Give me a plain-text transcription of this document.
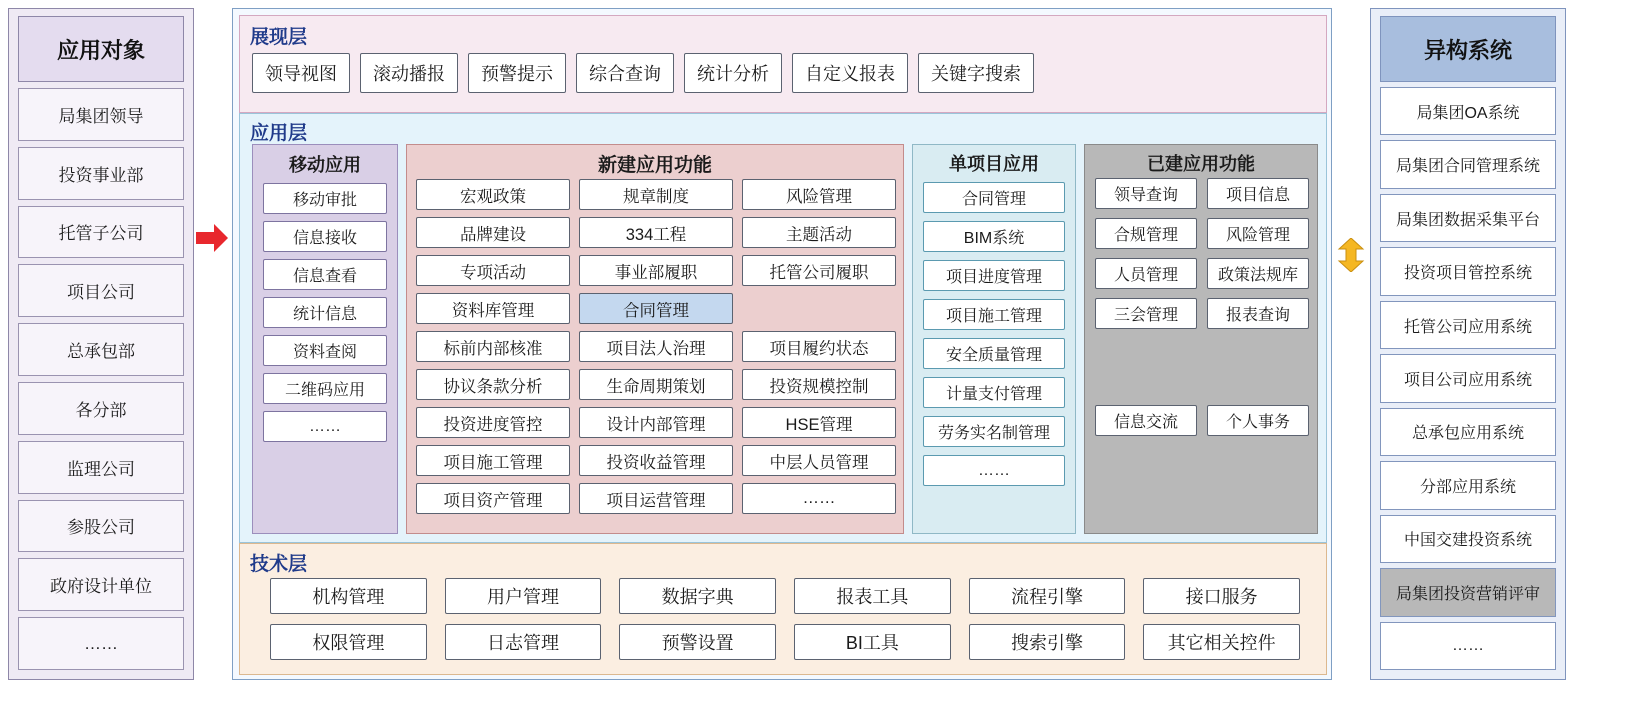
应用对象
局集团领导
投资事业部
托管子公司
项目公司
总承包部
各分部
监理公司
参股公司
政府设计单位
……
展现层
领导视图	滚动播报	预警提示	综合查询	统计分析	自定义报表	关键字搜索
应用层
移动应用
移动审批
信息接收
信息查看
统计信息
资料查阅
二维码应用
……
新建应用功能
宏观政策	规章制度	风险管理
品牌建设	334工程	主题活动
专项活动	事业部履职	托管公司履职
资料库管理	合同管理
标前内部核准	项目法人治理	项目履约状态
协议条款分析	生命周期策划	投资规模控制
投资进度管控	设计内部管理	HSE管理
项目施工管理	投资收益管理	中层人员管理
项目资产管理	项目运营管理	……
单项目应用
合同管理
BIM系统
项目进度管理
项目施工管理
安全质量管理
计量支付管理
劳务实名制管理
……
已建应用功能
领导查询	项目信息
合规管理	风险管理
人员管理	政策法规库
三会管理	报表查询
信息交流	个人事务
技术层
机构管理	用户管理	数据字典	报表工具	流程引擎	接口服务
权限管理	日志管理	预警设置	BI工具	搜索引擎	其它相关控件
异构系统
局集团OA系统
局集团合同管理系统
局集团数据采集平台
投资项目管控系统
托管公司应用系统
项目公司应用系统
总承包应用系统
分部应用系统
中国交建投资系统
局集团投资营销评审
……
